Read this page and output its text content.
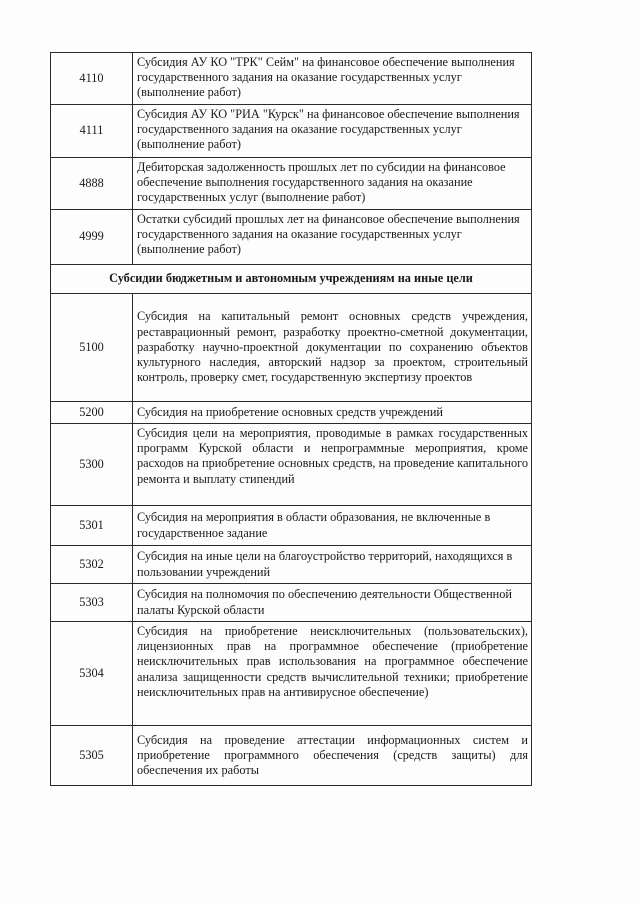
4110	Субсидия АУ КО "ТРК" Сейм" на финансовое обеспечение выполнения государственного задания на оказание государственных услуг (выполнение работ)
4111	Субсидия АУ КО "РИА "Курск" на финансовое обеспечение выполнения государственного задания на оказание государственных услуг (выполнение работ)
4888	Дебиторская задолженность прошлых лет по субсидии на финансовое обеспечение выполнения государственного задания на оказание государственных услуг (выполнение работ)
4999	Остатки субсидий прошлых лет на финансовое обеспечение выполнения государственного задания на оказание государственных услуг (выполнение работ)
Субсидии бюджетным и автономным учреждениям на иные цели	
5100	Субсидия на капитальный ремонт основных средств учреждения, реставрационный ремонт, разработку проектно-сметной документации, разработку научно-проектной документации по сохранению объектов культурного наследия, авторский надзор за проектом, строительный контроль, проверку смет, государственную экспертизу проектов
5200	Субсидия на приобретение основных средств учреждений
5300	Субсидия цели на мероприятия, проводимые в рамках государственных программ Курской области и непрограммные мероприятия, кроме расходов на приобретение основных средств, на проведение капитального ремонта и выплату стипендий
5301	Субсидия на мероприятия в области образования, не включенные в государственное задание
5302	Субсидия на иные цели на благоустройство территорий, находящихся в пользовании учреждений
5303	Субсидия на полномочия по обеспечению деятельности Общественной палаты Курской области
5304	Субсидия на приобретение неисключительных (пользовательских), лицензионных прав на программное обеспечение (приобретение неисключительных прав использования на программное обеспечение анализа защищенности средств вычислительной техники; приобретение неисключительных прав на антивирусное обеспечение)
5305	Субсидия на проведение аттестации информационных систем и приобретение программного обеспечения (средств защиты) для обеспечения их работы
